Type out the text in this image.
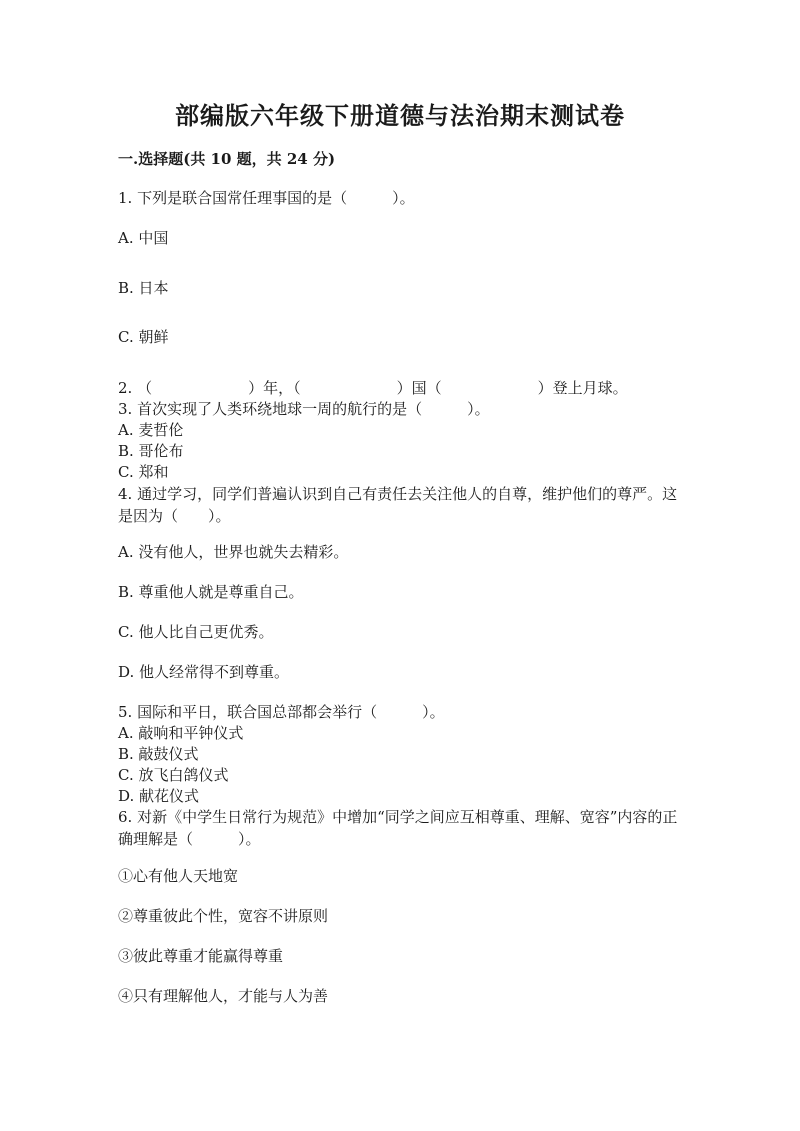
部编版六年级下册道德与法治期末测试卷
一.选择题(共 10 题，共 24 分)
1. 下列是联合国常任理事国的是（　　　）。
A. 中国
B. 日本
C. 朝鲜
2. （	）年，（	）国（	）登上月球。
3. 首次实现了人类环绕地球一周的航行的是（　　　）。
A. 麦哲伦
B. 哥伦布
C. 郑和
4. 通过学习，同学们普遍认识到自己有责任去关注他人的自尊，维护他们的尊严。这是因为（　　）。
A. 没有他人，世界也就失去精彩。
B. 尊重他人就是尊重自己。
C. 他人比自己更优秀。
D. 他人经常得不到尊重。
5. 国际和平日，联合国总部都会举行（　　　）。
A. 敲响和平钟仪式
B. 敲鼓仪式
C. 放飞白鸽仪式
D. 献花仪式
6. 对新《中学生日常行为规范》中增加“同学之间应互相尊重、理解、宽容”内容的正确理解是（　　　）。
①心有他人天地宽
②尊重彼此个性，宽容不讲原则
③彼此尊重才能赢得尊重
④只有理解他人，才能与人为善
